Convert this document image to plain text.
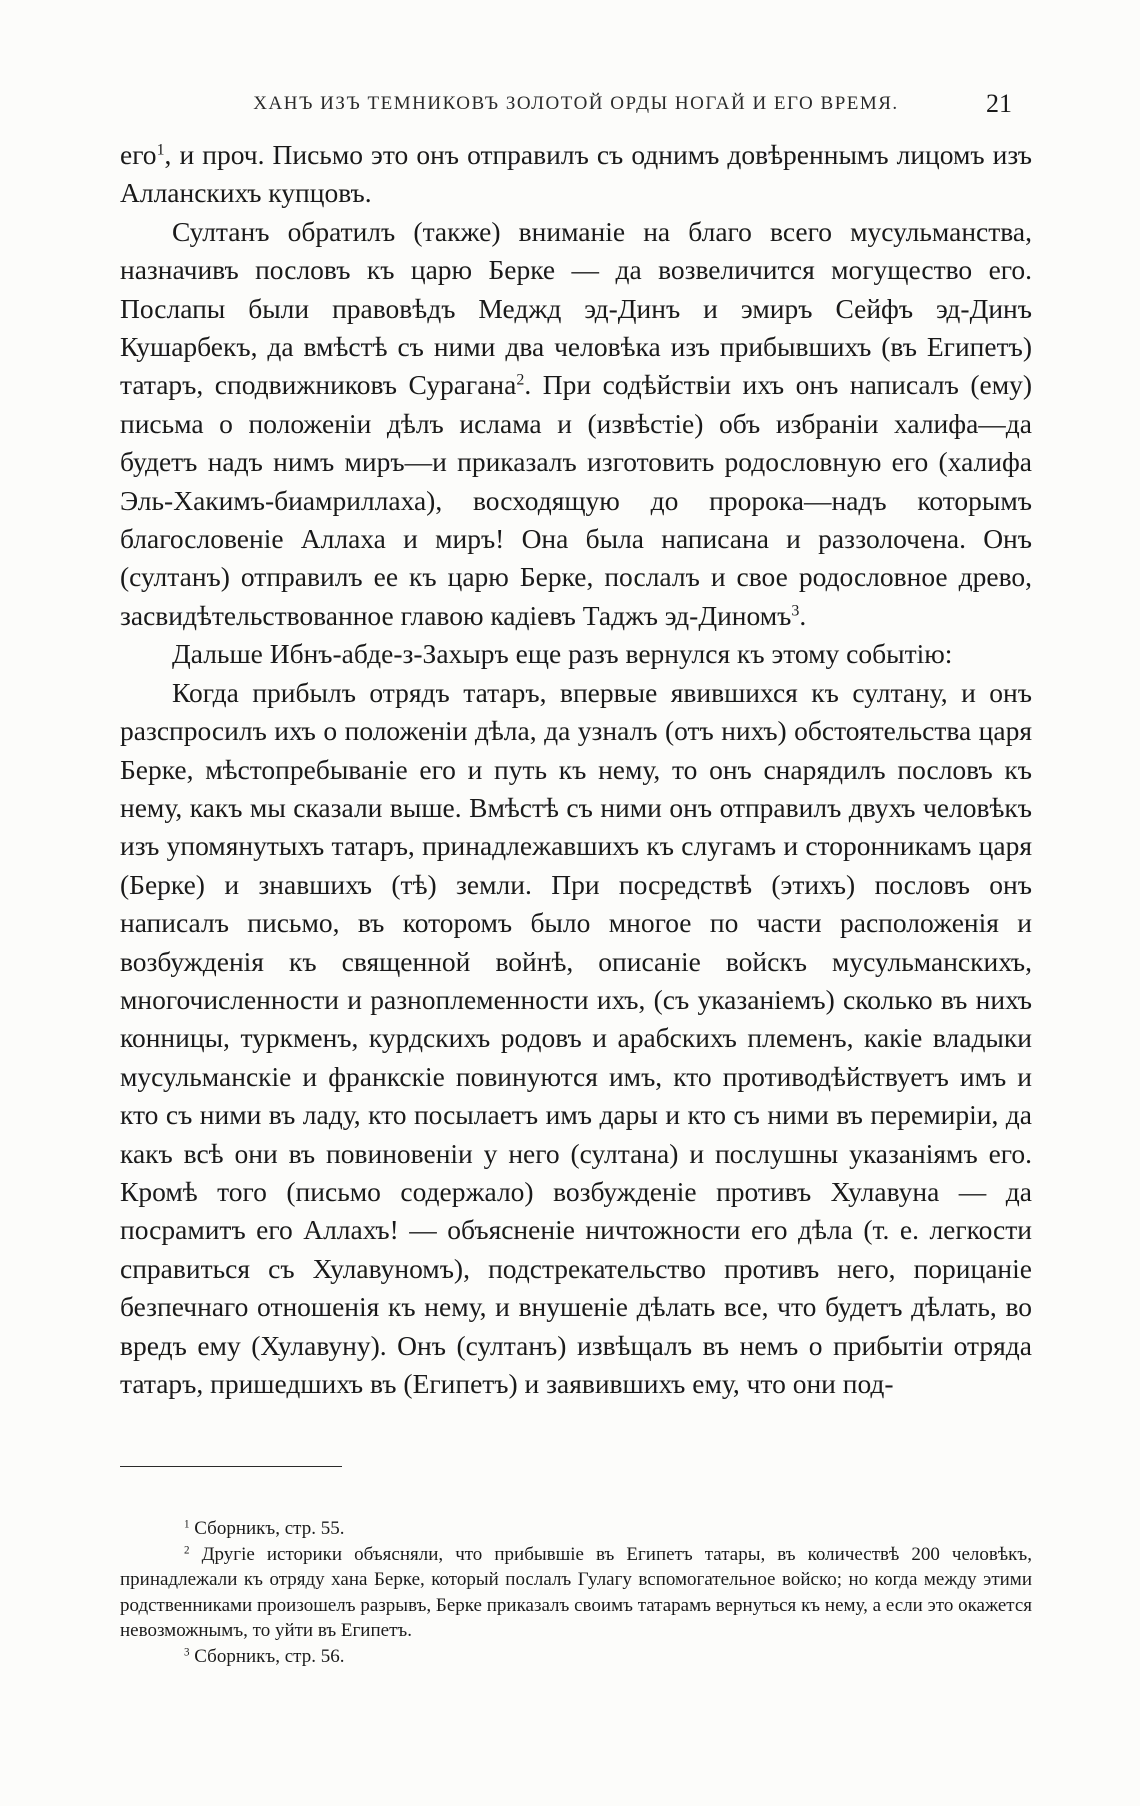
ХАНЪ ИЗЪ ТЕМНИКОВЪ ЗОЛОТОЙ ОРДЫ НОГАЙ И ЕГО ВРЕМЯ.	21

его$^1$, и проч. Письмо это онъ отправилъ съ однимъ довѣреннымъ лицомъ изъ Алланскихъ купцовъ.

Султанъ обратилъ (также) вниманіе на благо всего мусульманства, назначивъ пословъ къ царю Берке — да возвеличится могущество его. Послапы были правовѣдъ Меджд эд-Динъ и эмиръ Сейфъ эд-Динъ Кушарбекъ, да вмѣстѣ съ ними два человѣка изъ прибывшихъ (въ Египетъ) татаръ, сподвижниковъ Сурагана$^2$. При содѣйствіи ихъ онъ написалъ (ему) письма о положеніи дѣлъ ислама и (извѣстіе) объ избраніи халифа—да будетъ надъ нимъ миръ—и приказалъ изготовить родословную его (халифа Эль-Хакимъ-биамриллаха), восходящую до пророка—надъ которымъ благословеніе Аллаха и миръ! Она была написана и раззолочена. Онъ (султанъ) отправилъ ее къ царю Берке, послалъ и свое родословное древо, засвидѣтельствованное главою кадіевъ Таджъ эд-Диномъ$^3$.

Дальше Ибнъ-абде-з-Захыръ еще разъ вернулся къ этому событію:

Когда прибылъ отрядъ татаръ, впервые явившихся къ султану, и онъ разспросилъ ихъ о положеніи дѣла, да узналъ (отъ нихъ) обстоятельства царя Берке, мѣстопребываніе его и путь къ нему, то онъ снарядилъ пословъ къ нему, какъ мы сказали выше. Вмѣстѣ съ ними онъ отправилъ двухъ человѣкъ изъ упомянутыхъ татаръ, принадлежавшихъ къ слугамъ и сторонникамъ царя (Берке) и знавшихъ (тѣ) земли. При посредствѣ (этихъ) пословъ онъ написалъ письмо, въ которомъ было многое по части расположенія и возбужденія къ священной войнѣ, описаніе войскъ мусульманскихъ, многочисленности и разноплеменности ихъ, (съ указаніемъ) сколько въ нихъ конницы, туркменъ, курдскихъ родовъ и арабскихъ племенъ, какіе владыки мусульманскіе и франкскіе повинуются имъ, кто противодѣйствуетъ имъ и кто съ ними въ ладу, кто посылаетъ имъ дары и кто съ ними въ перемиріи, да какъ всѣ они въ повиновеніи у него (султана) и послушны указаніямъ его. Кромѣ того (письмо содержало) возбужденіе противъ Хулавуна — да посрамитъ его Аллахъ! — объясненіе ничтожности его дѣла (т. е. легкости справиться съ Хулавуномъ), подстрекательство противъ него, порицаніе безпечнаго отношенія къ нему, и внушеніе дѣлать все, что будетъ дѣлать, во вредъ ему (Хулавуну). Онъ (султанъ) извѣщалъ въ немъ о прибытіи отряда татаръ, пришедшихъ въ (Египетъ) и заявившихъ ему, что они под-

$^1$ Сборникъ, стр. 55.

$^2$ Другіе историки объясняли, что прибывшіе въ Египетъ татары, въ количествѣ 200 человѣкъ, принадлежали къ отряду хана Берке, который послалъ Гулагу вспомогательное войско; но когда между этими родственниками произошелъ разрывъ, Берке приказалъ своимъ татарамъ вернуться къ нему, а если это окажется невозможнымъ, то уйти въ Египетъ.

$^3$ Сборникъ, стр. 56.
